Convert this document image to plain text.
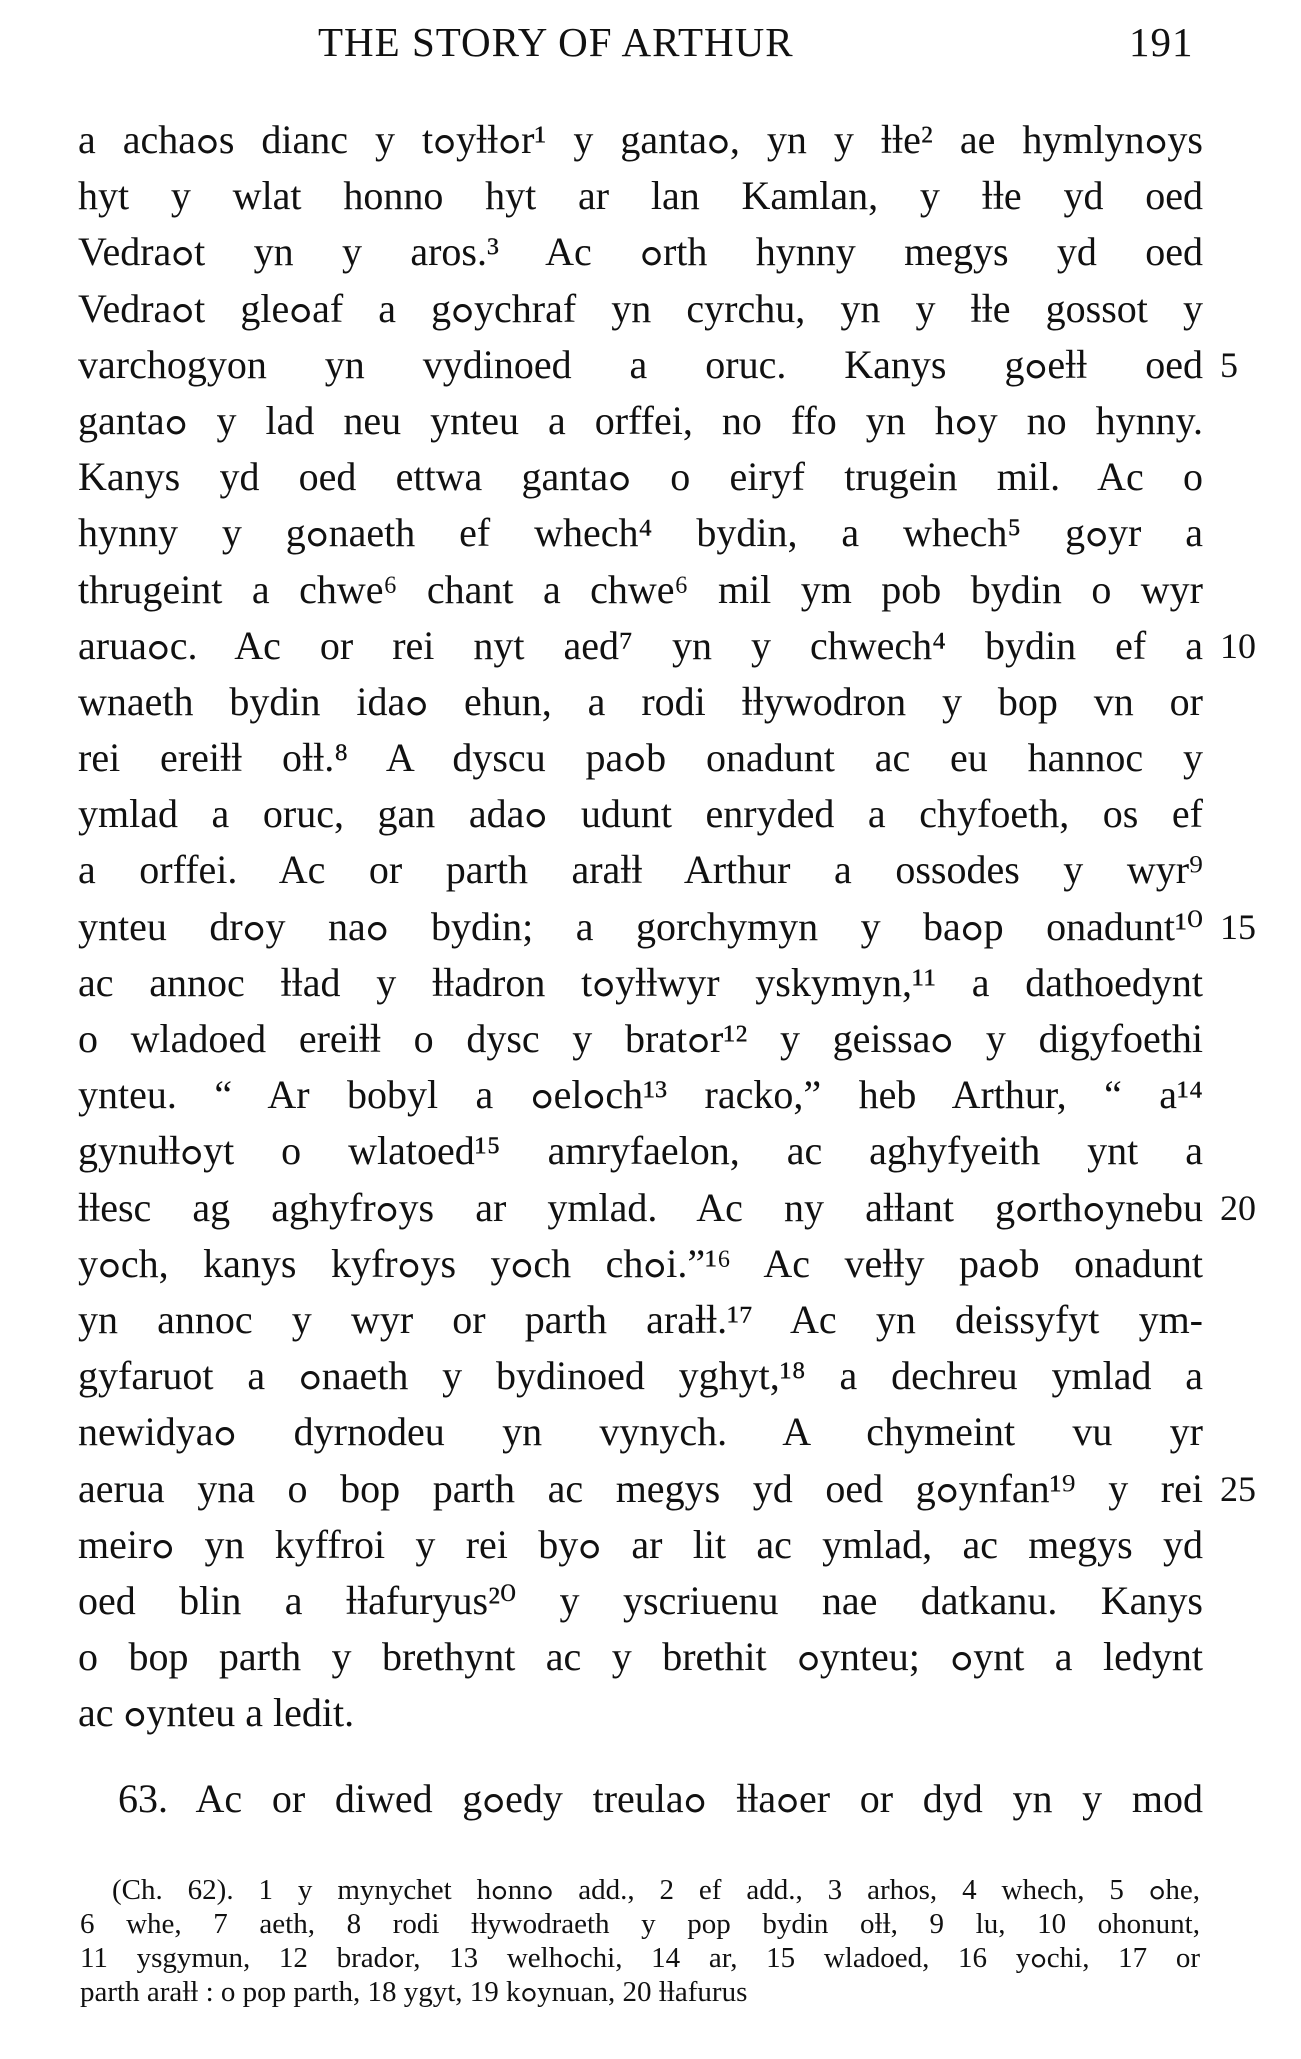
THE STORY OF ARTHUR	191
a achaߋs dianc y tߋyƚƚߋr¹ y gantaߋ, yn y ƚƚe² ae hymlynߋys
hyt y wlat honno hyt ar lan Kamlan, y ƚƚe yd oed
Vedraߋt yn y aros.³ Ac ߋrth hynny megys yd oed
Vedraߋt gleߋaf a gߋychraf yn cyrchu, yn y ƚƚe gossot y
varchogyon yn vydinoed a oruc. Kanys gߋeƚƚ oed
gantaߋ y lad neu ynteu a orffei, no ffo yn hߋy no hynny.
Kanys yd oed ettwa gantaߋ o eiryf trugein mil. Ac o
hynny y gߋnaeth ef whech⁴ bydin, a whech⁵ gߋyr a
thrugeint a chwe⁶ chant a chwe⁶ mil ym pob bydin o wyr
aruaߋc. Ac or rei nyt aed⁷ yn y chwech⁴ bydin ef a
wnaeth bydin idaߋ ehun, a rodi ƚƚywodron y bop vn or
rei ereiƚƚ oƚƚ.⁸ A dyscu paߋb onadunt ac eu hannoc y
ymlad a oruc, gan adaߋ udunt enryded a chyfoeth, os ef
a orffei. Ac or parth araƚƚ Arthur a ossodes y wyr⁹
ynteu drߋy naߋ bydin; a gorchymyn y baߋp onadunt¹⁰
ac annoc ƚƚad y ƚƚadron tߋyƚƚwyr yskymyn,¹¹ a dathoedynt
o wladoed ereiƚƚ o dysc y bratߋr¹² y geissaߋ y digyfoethi
ynteu. “ Ar bobyl a ߋelߋch¹³ racko,” heb Arthur, “ a¹⁴
gynuƚƚߋyt o wlatoed¹⁵ amryfaelon, ac aghyfyeith ynt a
ƚƚesc ag aghyfrߋys ar ymlad. Ac ny aƚƚant gߋrthߋynebu
yߋch, kanys kyfrߋys yߋch chߋi.”¹⁶ Ac veƚƚy paߋb onadunt
yn annoc y wyr or parth araƚƚ.¹⁷ Ac yn deissyfyt ym-
gyfaruot a ߋnaeth y bydinoed yghyt,¹⁸ a dechreu ymlad a
newidyaߋ dyrnodeu yn vynych. A chymeint vu yr
aerua yna o bop parth ac megys yd oed gߋynfan¹⁹ y rei
meirߋ yn kyffroi y rei byߋ ar lit ac ymlad, ac megys yd
oed blin a ƚƚafuryus²⁰ y yscriuenu nae datkanu. Kanys
o bop parth y brethynt ac y brethit ߋynteu; ߋynt a ledynt
ac ߋynteu a ledit.
63. Ac or diwed gߋedy treulaߋ ƚƚaߋer or dyd yn y mod
5
10
15
20
25
(Ch. 62). 1 y mynychet hߋnnߋ add., 2 ef add., 3 arhos, 4 whech, 5 ߋhe,
6 whe, 7 aeth, 8 rodi ƚƚywodraeth y pop bydin oƚƚ, 9 lu, 10 ohonunt,
11 ysgymun, 12 bradߋr, 13 welhߋchi, 14 ar, 15 wladoed, 16 yߋchi, 17 or
parth araƚƚ : o pop parth, 18 ygyt, 19 kߋynuan, 20 ƚƚafurus
